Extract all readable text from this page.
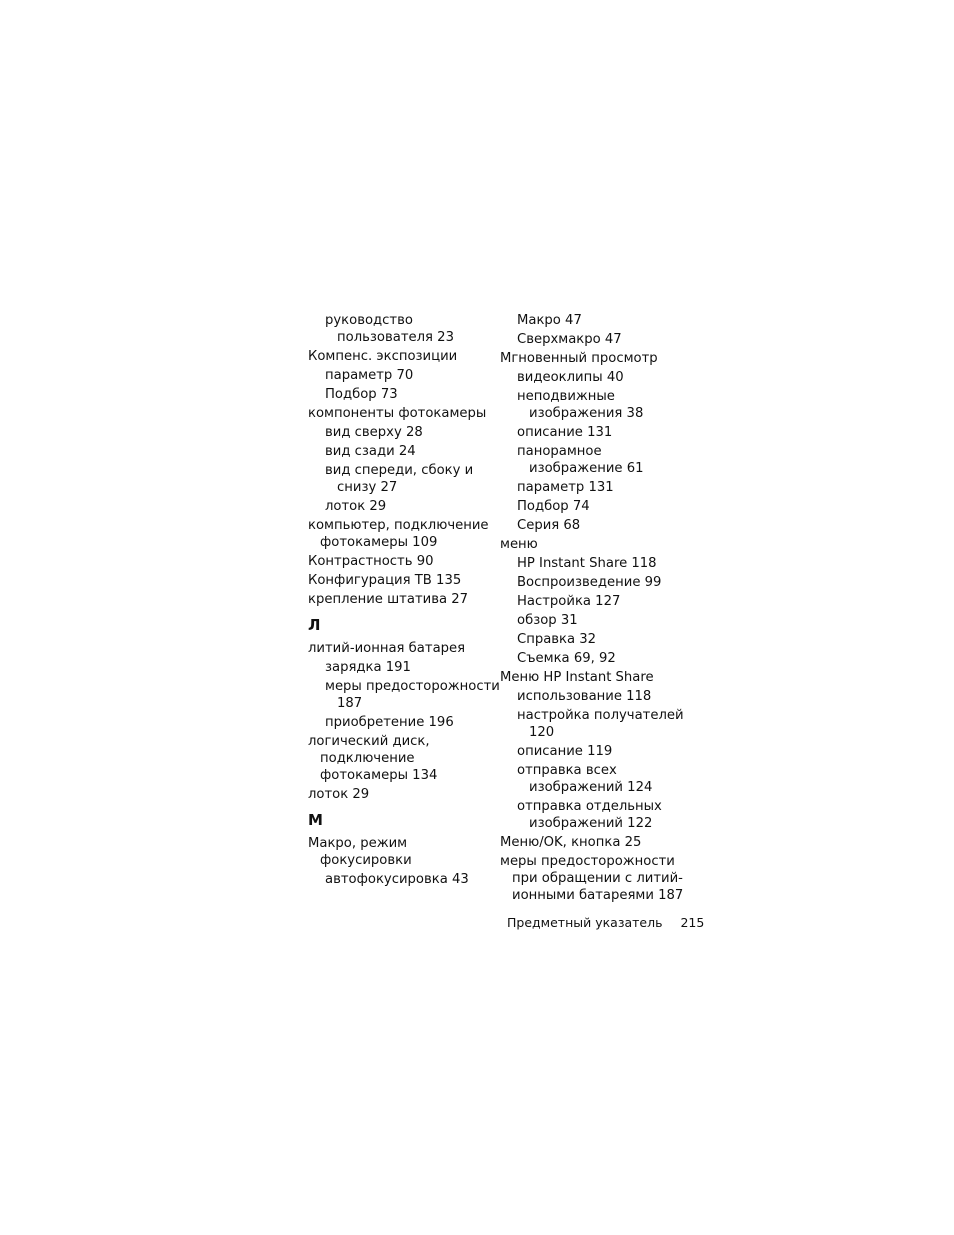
руководство
пользователя 23
Компенс. экспозиции
параметр 70
Подбор 73
компоненты фотокамеры
вид сверху 28
вид сзади 24
вид спереди, сбоку и
снизу 27
лоток 29
компьютер, подключение
фотокамеры 109
Контрастность 90
Конфигурация ТВ 135
крепление штатива 27
Л
литий-ионная батарея
зарядка 191
меры предосторожности
187
приобретение 196
логический диск,
подключение
фотокамеры 134
лоток 29
М
Макро, режим
фокусировки
автофокусировка 43
Макро 47
Сверхмакро 47
Мгновенный просмотр
видеоклипы 40
неподвижные
изображения 38
описание 131
панорамное
изображение 61
параметр 131
Подбор 74
Серия 68
меню
HP Instant Share 118
Воспроизведение 99
Настройка 127
обзор 31
Справка 32
Съемка 69, 92
Меню HP Instant Share
использование 118
настройка получателей
120
описание 119
отправка всех
изображений 124
отправка отдельных
изображений 122
Меню/OK, кнопка 25
меры предосторожности
при обращении с литий-
ионными батареями 187
Предметный указатель 215
